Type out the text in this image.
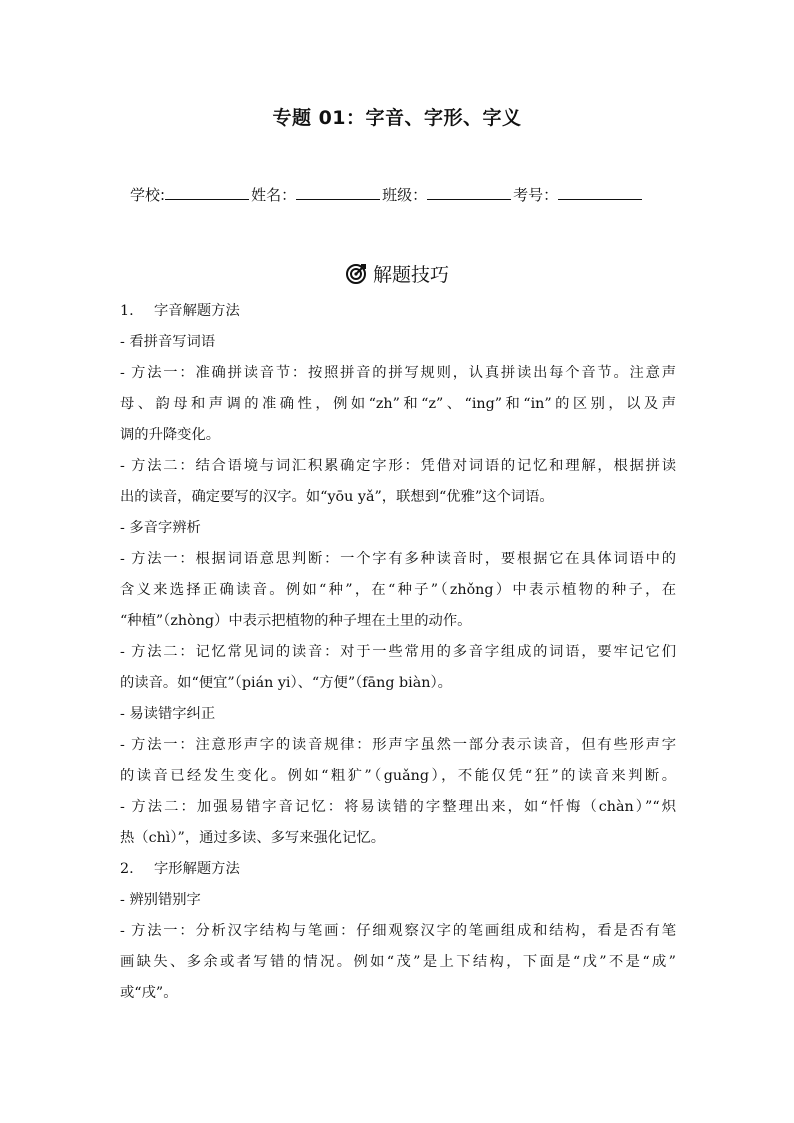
专题 01：字音、字形、字义
学校:	姓名：	班级：	考号：
解题技巧
1. 字音解题方法
- 看拼音写词语
- 方法一：准确拼读音节：按照拼音的拼写规则，认真拼读出每个音节。注意声
母、韵母和声调的准确性，例如“zh”和“z”、“ing”和“in”的区别，以及声
调的升降变化。
- 方法二：结合语境与词汇积累确定字形：凭借对词语的记忆和理解，根据拼读
出的读音，确定要写的汉字。如“yōu yǎ”，联想到“优雅”这个词语。
- 多音字辨析
- 方法一：根据词语意思判断：一个字有多种读音时，要根据它在具体词语中的
含义来选择正确读音。例如“种”，在“种子”（zhǒng）中表示植物的种子，在
“种植”（zhòng）中表示把植物的种子埋在土里的动作。
- 方法二：记忆常见词的读音：对于一些常用的多音字组成的词语，要牢记它们
的读音。如“便宜”（pián yi）、“方便”（fāng biàn）。
- 易读错字纠正
- 方法一：注意形声字的读音规律：形声字虽然一部分表示读音，但有些形声字
的读音已经发生变化。例如“粗犷”（guǎng），不能仅凭“狂”的读音来判断。
- 方法二：加强易错字音记忆：将易读错的字整理出来，如“忏悔（chàn）”“炽
热（chì）”，通过多读、多写来强化记忆。
2. 字形解题方法
- 辨别错别字
- 方法一：分析汉字结构与笔画：仔细观察汉字的笔画组成和结构，看是否有笔
画缺失、多余或者写错的情况。例如“茂”是上下结构，下面是“戊”不是“成”
或“戌”。
